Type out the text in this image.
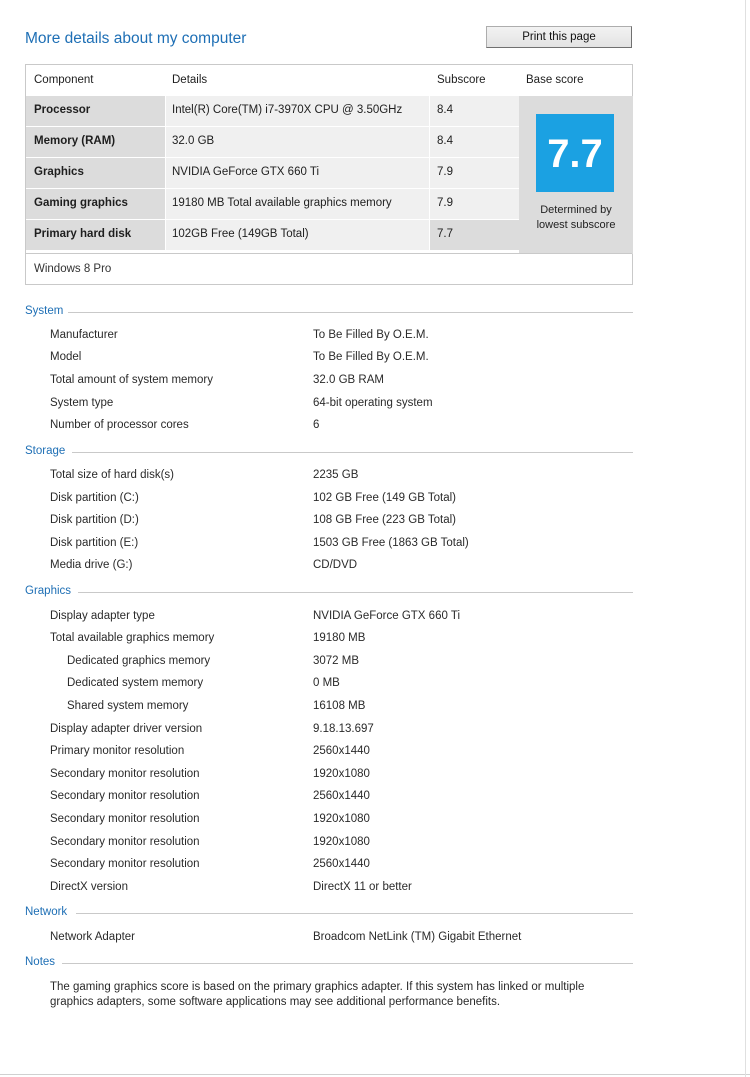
More details about my computer	Print this page
Component	Details	Subscore	Base score
Processor	Intel(R) Core(TM) i7-3970X CPU @ 3.50GHz	8.4
Memory (RAM)	32.0 GB	8.4
Graphics	NVIDIA GeForce GTX 660 Ti	7.9
Gaming graphics	19180 MB Total available graphics memory	7.9
Primary hard disk	102GB Free (149GB Total)	7.7
7.7
Determined by
lowest subscore
Windows 8 Pro
System
Manufacturer	To Be Filled By O.E.M.
Model	To Be Filled By O.E.M.
Total amount of system memory	32.0 GB RAM
System type	64-bit operating system
Number of processor cores	6
Storage
Total size of hard disk(s)	2235 GB
Disk partition (C:)	102 GB Free (149 GB Total)
Disk partition (D:)	108 GB Free (223 GB Total)
Disk partition (E:)	1503 GB Free (1863 GB Total)
Media drive (G:)	CD/DVD
Graphics
Display adapter type	NVIDIA GeForce GTX 660 Ti
Total available graphics memory	19180 MB
Dedicated graphics memory	3072 MB
Dedicated system memory	0 MB
Shared system memory	16108 MB
Display adapter driver version	9.18.13.697
Primary monitor resolution	2560x1440
Secondary monitor resolution	1920x1080
Secondary monitor resolution	2560x1440
Secondary monitor resolution	1920x1080
Secondary monitor resolution	1920x1080
Secondary monitor resolution	2560x1440
DirectX version	DirectX 11 or better
Network
Network Adapter	Broadcom NetLink (TM) Gigabit Ethernet
Notes
The gaming graphics score is based on the primary graphics adapter. If this system has linked or multiple
graphics adapters, some software applications may see additional performance benefits.
